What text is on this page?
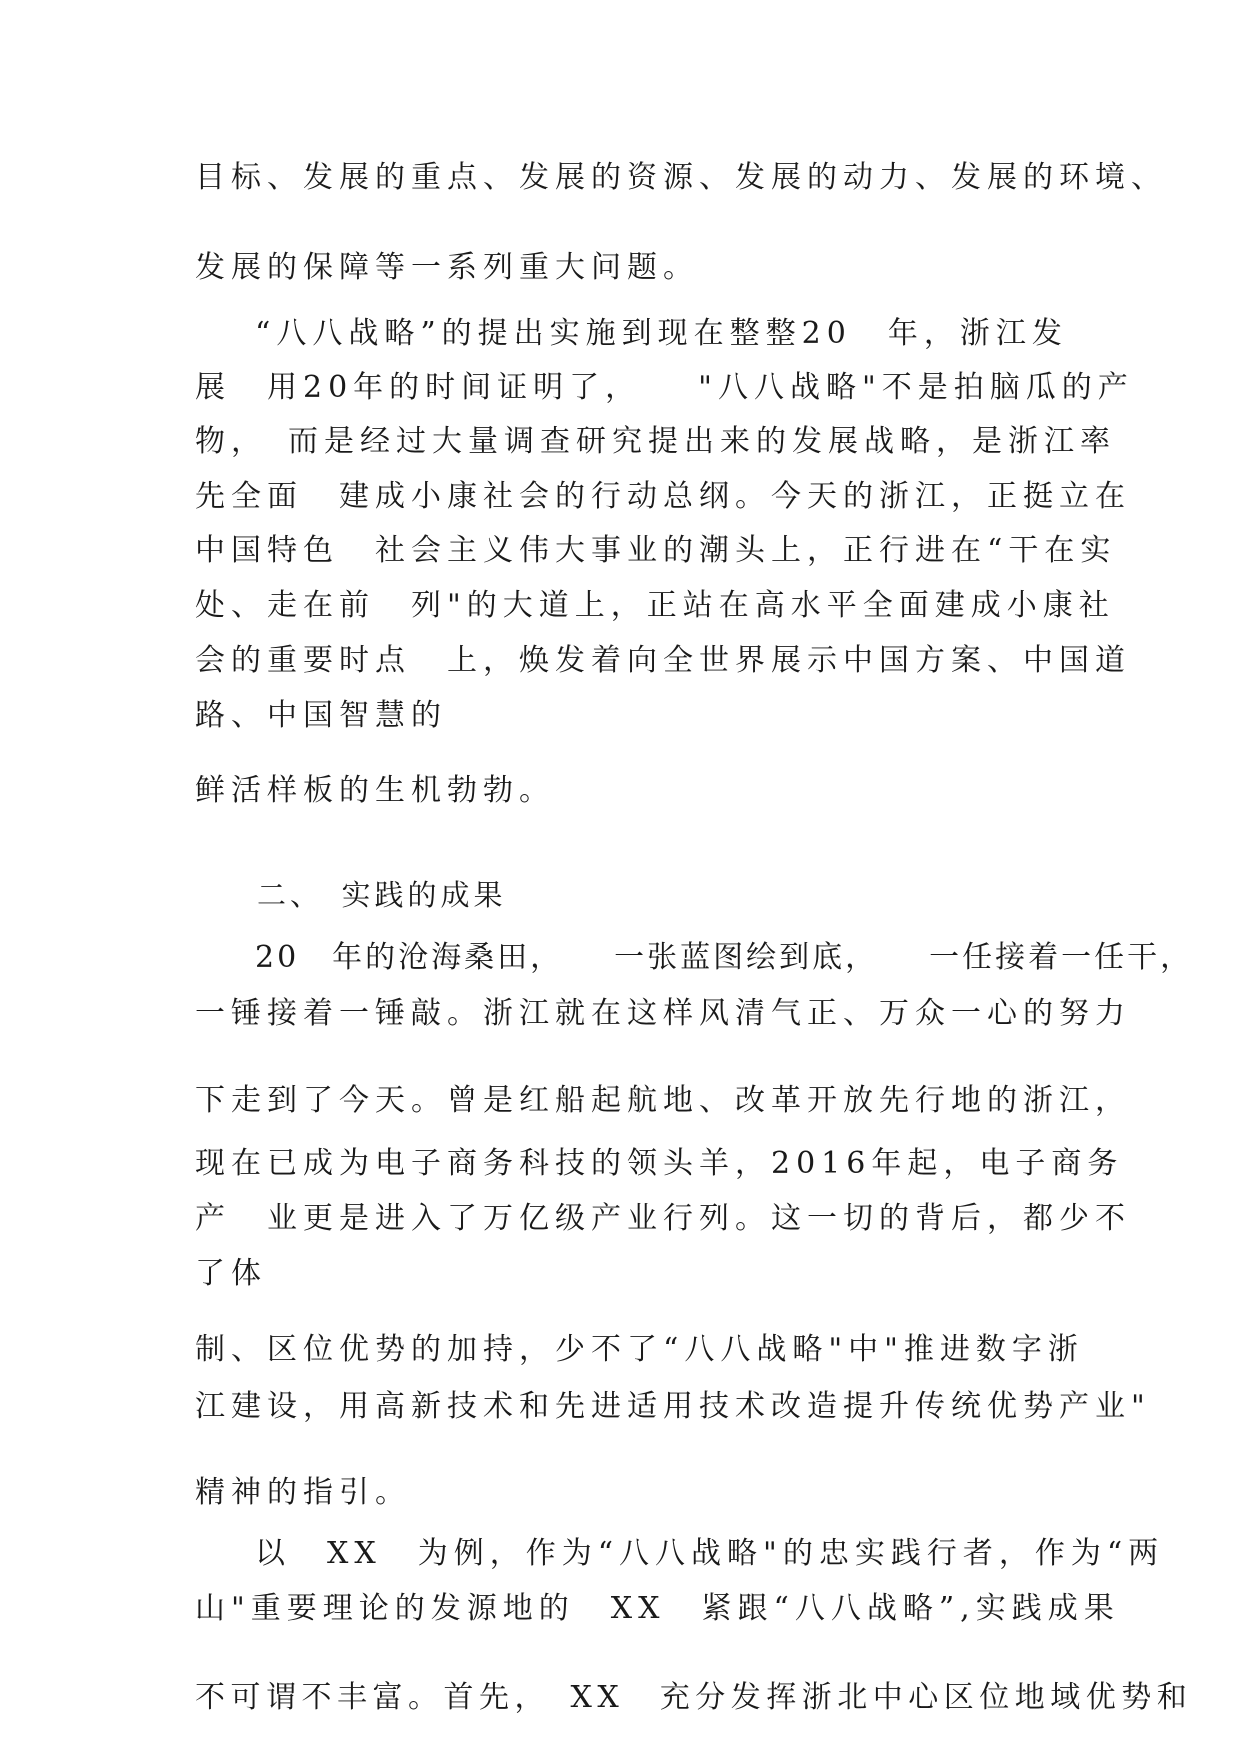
目标、发展的重点、发展的资源、发展的动力、发展的环境、
发展的保障等一系列重大问题。
“八八战略”的提出实施到现在整整20　年，浙江发
展　用20年的时间证明了，　　"八八战略"不是拍脑瓜的产
物，　而是经过大量调查研究提出来的发展战略，是浙江率
先全面　建成小康社会的行动总纲。今天的浙江，正挺立在
中国特色　社会主义伟大事业的潮头上，正行进在“干在实
处、走在前　列"的大道上，正站在高水平全面建成小康社
会的重要时点　上，焕发着向全世界展示中国方案、中国道
路、中国智慧的
鲜活样板的生机勃勃。
二、　实践的成果
20　年的沧海桑田，　　一张蓝图绘到底，　　一任接着一任干，
一锤接着一锤敲。浙江就在这样风清气正、万众一心的努力
下走到了今天。曾是红船起航地、改革开放先行地的浙江，
现在已成为电子商务科技的领头羊，2016年起，电子商务
产　业更是进入了万亿级产业行列。这一切的背后，都少不
了体
制、区位优势的加持，少不了“八八战略"中"推进数字浙
江建设，用高新技术和先进适用技术改造提升传统优势产业"
精神的指引。
以　XX　为例，作为“八八战略"的忠实践行者，作为“两
山"重要理论的发源地的　XX　紧跟“八八战略”,实践成果
不可谓不丰富。首先，　XX　充分发挥浙北中心区位地域优势和
